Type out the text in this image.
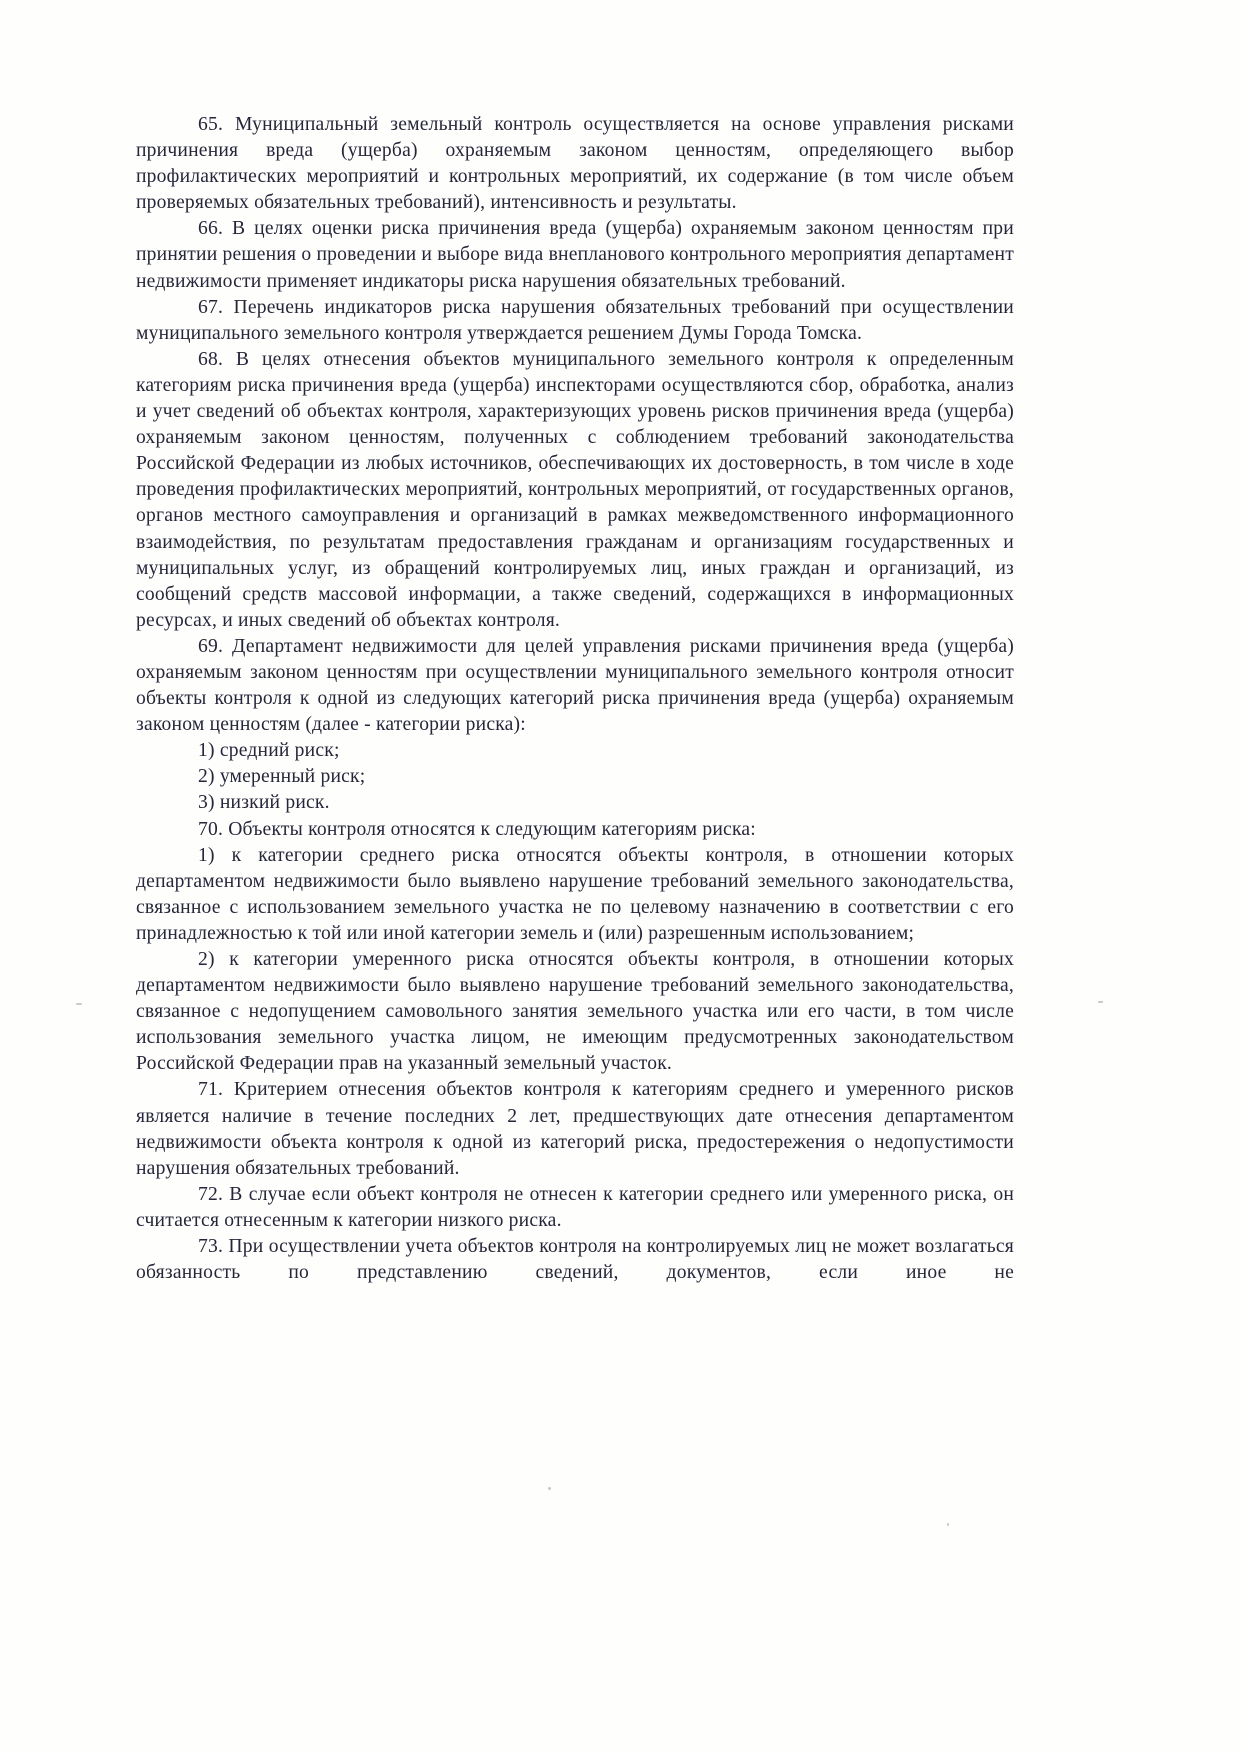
65. Муниципальный земельный контроль осуществляется на основе управления рисками причинения вреда (ущерба) охраняемым законом ценностям, определяющего выбор профилактических мероприятий и контрольных мероприятий, их содержание (в том числе объем проверяемых обязательных требований), интенсивность и результаты.

66. В целях оценки риска причинения вреда (ущерба) охраняемым законом ценностям при принятии решения о проведении и выборе вида внепланового контрольного мероприятия департамент недвижимости применяет индикаторы риска нарушения обязательных требований.

67. Перечень индикаторов риска нарушения обязательных требований при осуществлении муниципального земельного контроля утверждается решением Думы Города Томска.

68. В целях отнесения объектов муниципального земельного контроля к определенным категориям риска причинения вреда (ущерба) инспекторами осуществляются сбор, обработка, анализ и учет сведений об объектах контроля, характеризующих уровень рисков причинения вреда (ущерба) охраняемым законом ценностям, полученных с соблюдением требований законодательства Российской Федерации из любых источников, обеспечивающих их достоверность, в том числе в ходе проведения профилактических мероприятий, контрольных мероприятий, от государственных органов, органов местного самоуправления и организаций в рамках межведомственного информационного взаимодействия, по результатам предоставления гражданам и организациям государственных и муниципальных услуг, из обращений контролируемых лиц, иных граждан и организаций, из сообщений средств массовой информации, а также сведений, содержащихся в информационных ресурсах, и иных сведений об объектах контроля.

69. Департамент недвижимости для целей управления рисками причинения вреда (ущерба) охраняемым законом ценностям при осуществлении муниципального земельного контроля относит объекты контроля к одной из следующих категорий риска причинения вреда (ущерба) охраняемым законом ценностям (далее - категории риска):

1) средний риск;

2) умеренный риск;

3) низкий риск.

70. Объекты контроля относятся к следующим категориям риска:

1) к категории среднего риска относятся объекты контроля, в отношении которых департаментом недвижимости было выявлено нарушение требований земельного законодательства, связанное с использованием земельного участка не по целевому назначению в соответствии с его принадлежностью к той или иной категории земель и (или) разрешенным использованием;

2) к категории умеренного риска относятся объекты контроля, в отношении которых департаментом недвижимости было выявлено нарушение требований земельного законодательства, связанное с недопущением самовольного занятия земельного участка или его части, в том числе использования земельного участка лицом, не имеющим предусмотренных законодательством Российской Федерации прав на указанный земельный участок.

71. Критерием отнесения объектов контроля к категориям среднего и умеренного рисков является наличие в течение последних 2 лет, предшествующих дате отнесения департаментом недвижимости объекта контроля к одной из категорий риска, предостережения о недопустимости нарушения обязательных требований.

72. В случае если объект контроля не отнесен к категории среднего или умеренного риска, он считается отнесенным к категории низкого риска.

73. При осуществлении учета объектов контроля на контролируемых лиц не может возлагаться обязанность по представлению сведений, документов, если иное не
